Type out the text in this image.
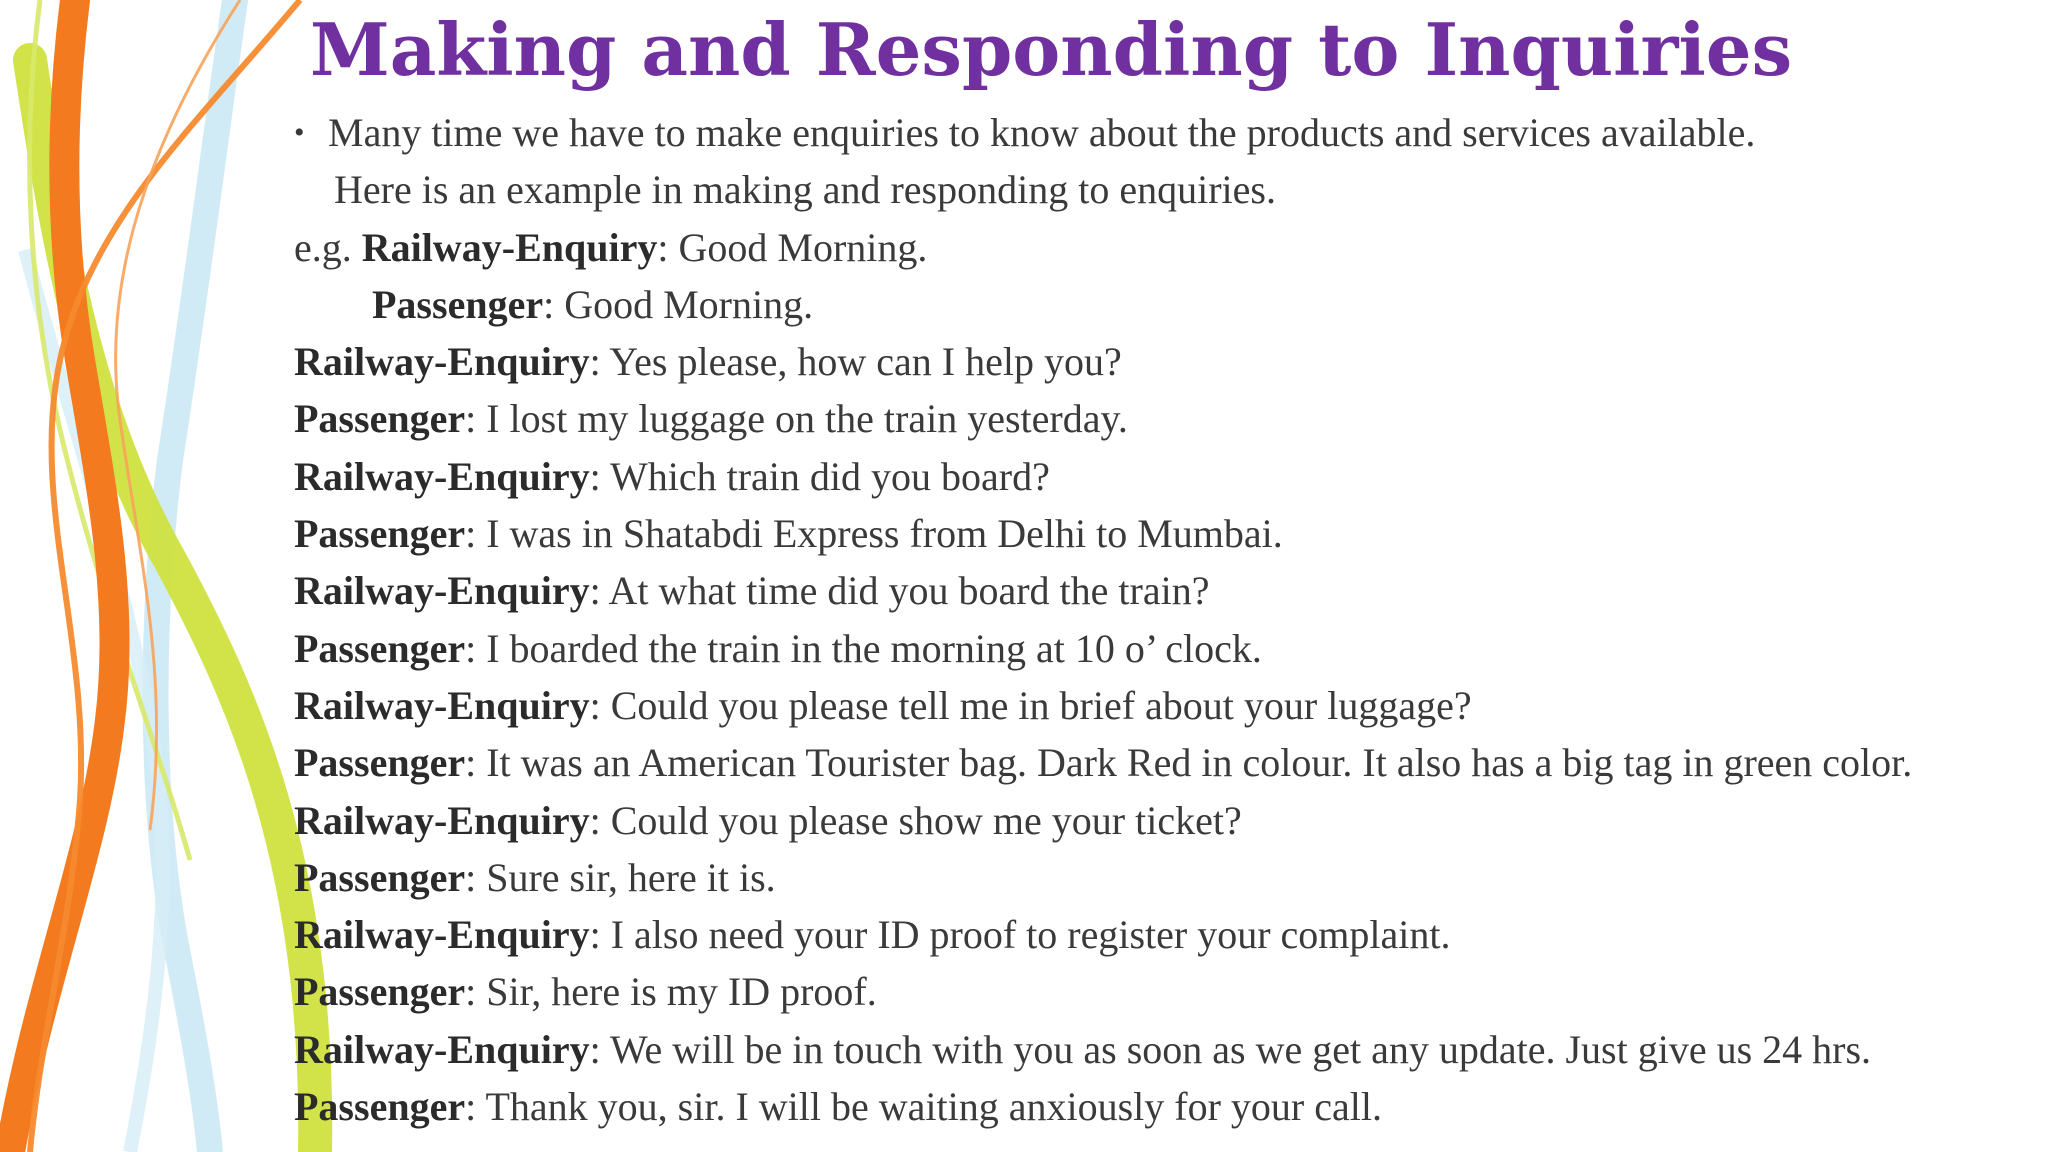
Making and Responding to Inquiries
• Many time we have to make enquiries to know about the products and services available.
Here is an example in making and responding to enquiries.
e.g. Railway-Enquiry: Good Morning.
Passenger: Good Morning.
Railway-Enquiry: Yes please, how can I help you?
Passenger: I lost my luggage on the train yesterday.
Railway-Enquiry: Which train did you board?
Passenger: I was in Shatabdi Express from Delhi to Mumbai.
Railway-Enquiry: At what time did you board the train?
Passenger: I boarded the train in the morning at 10 o’ clock.
Railway-Enquiry: Could you please tell me in brief about your luggage?
Passenger: It was an American Tourister bag. Dark Red in colour. It also has a big tag in green color.
Railway-Enquiry: Could you please show me your ticket?
Passenger: Sure sir, here it is.
Railway-Enquiry: I also need your ID proof to register your complaint.
Passenger: Sir, here is my ID proof.
Railway-Enquiry: We will be in touch with you as soon as we get any update. Just give us 24 hrs.
Passenger: Thank you, sir. I will be waiting anxiously for your call.
